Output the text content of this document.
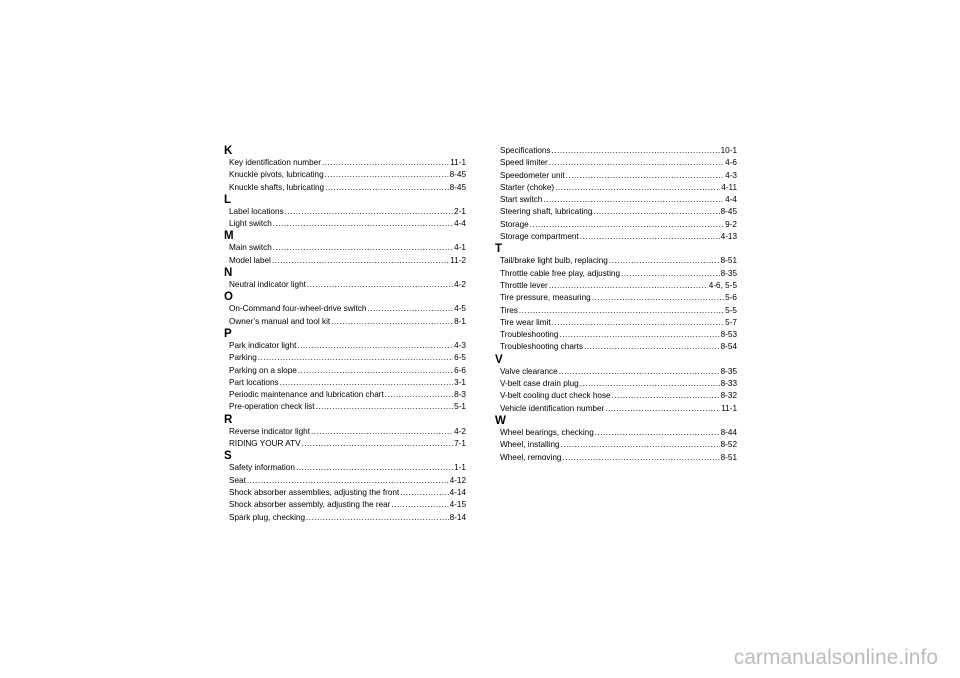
K
Key identification number .....	11-1
Knuckle pivots, lubricating .....	8-45
Knuckle shafts, lubricating .....	8-45
L
Label locations .....	2-1
Light switch .....	4-4
M
Main switch .....	4-1
Model label .....	11-2
N
Neutral indicator light .....	4-2
O
On-Command four-wheel-drive switch .....	4-5
Owner’s manual and tool kit .....	8-1
P
Park indicator light .....	4-3
Parking .....	6-5
Parking on a slope .....	6-6
Part locations .....	3-1
Periodic maintenance and lubrication chart .....	8-3
Pre-operation check list .....	5-1
R
Reverse indicator light .....	4-2
RIDING YOUR ATV .....	7-1
S
Safety information .....	1-1
Seat .....	4-12
Shock absorber assemblies, adjusting the front .....	4-14
Shock absorber assembly, adjusting the rear .....	4-15
Spark plug, checking .....	8-14
Specifications .....	10-1
Speed limiter .....	4-6
Speedometer unit .....	4-3
Starter (choke) .....	4-11
Start switch .....	4-4
Steering shaft, lubricating .....	8-45
Storage .....	9-2
Storage compartment .....	4-13
T
Tail/brake light bulb, replacing .....	8-51
Throttle cable free play, adjusting .....	8-35
Throttle lever .....	4-6, 5-5
Tire pressure, measuring .....	5-6
Tires .....	5-5
Tire wear limit .....	5-7
Troubleshooting .....	8-53
Troubleshooting charts .....	8-54
V
Valve clearance .....	8-35
V-belt case drain plug .....	8-33
V-belt cooling duct check hose .....	8-32
Vehicle identification number .....	11-1
W
Wheel bearings, checking .....	8-44
Wheel, installing .....	8-52
Wheel, removing .....	8-51
carmanualsonline.info
